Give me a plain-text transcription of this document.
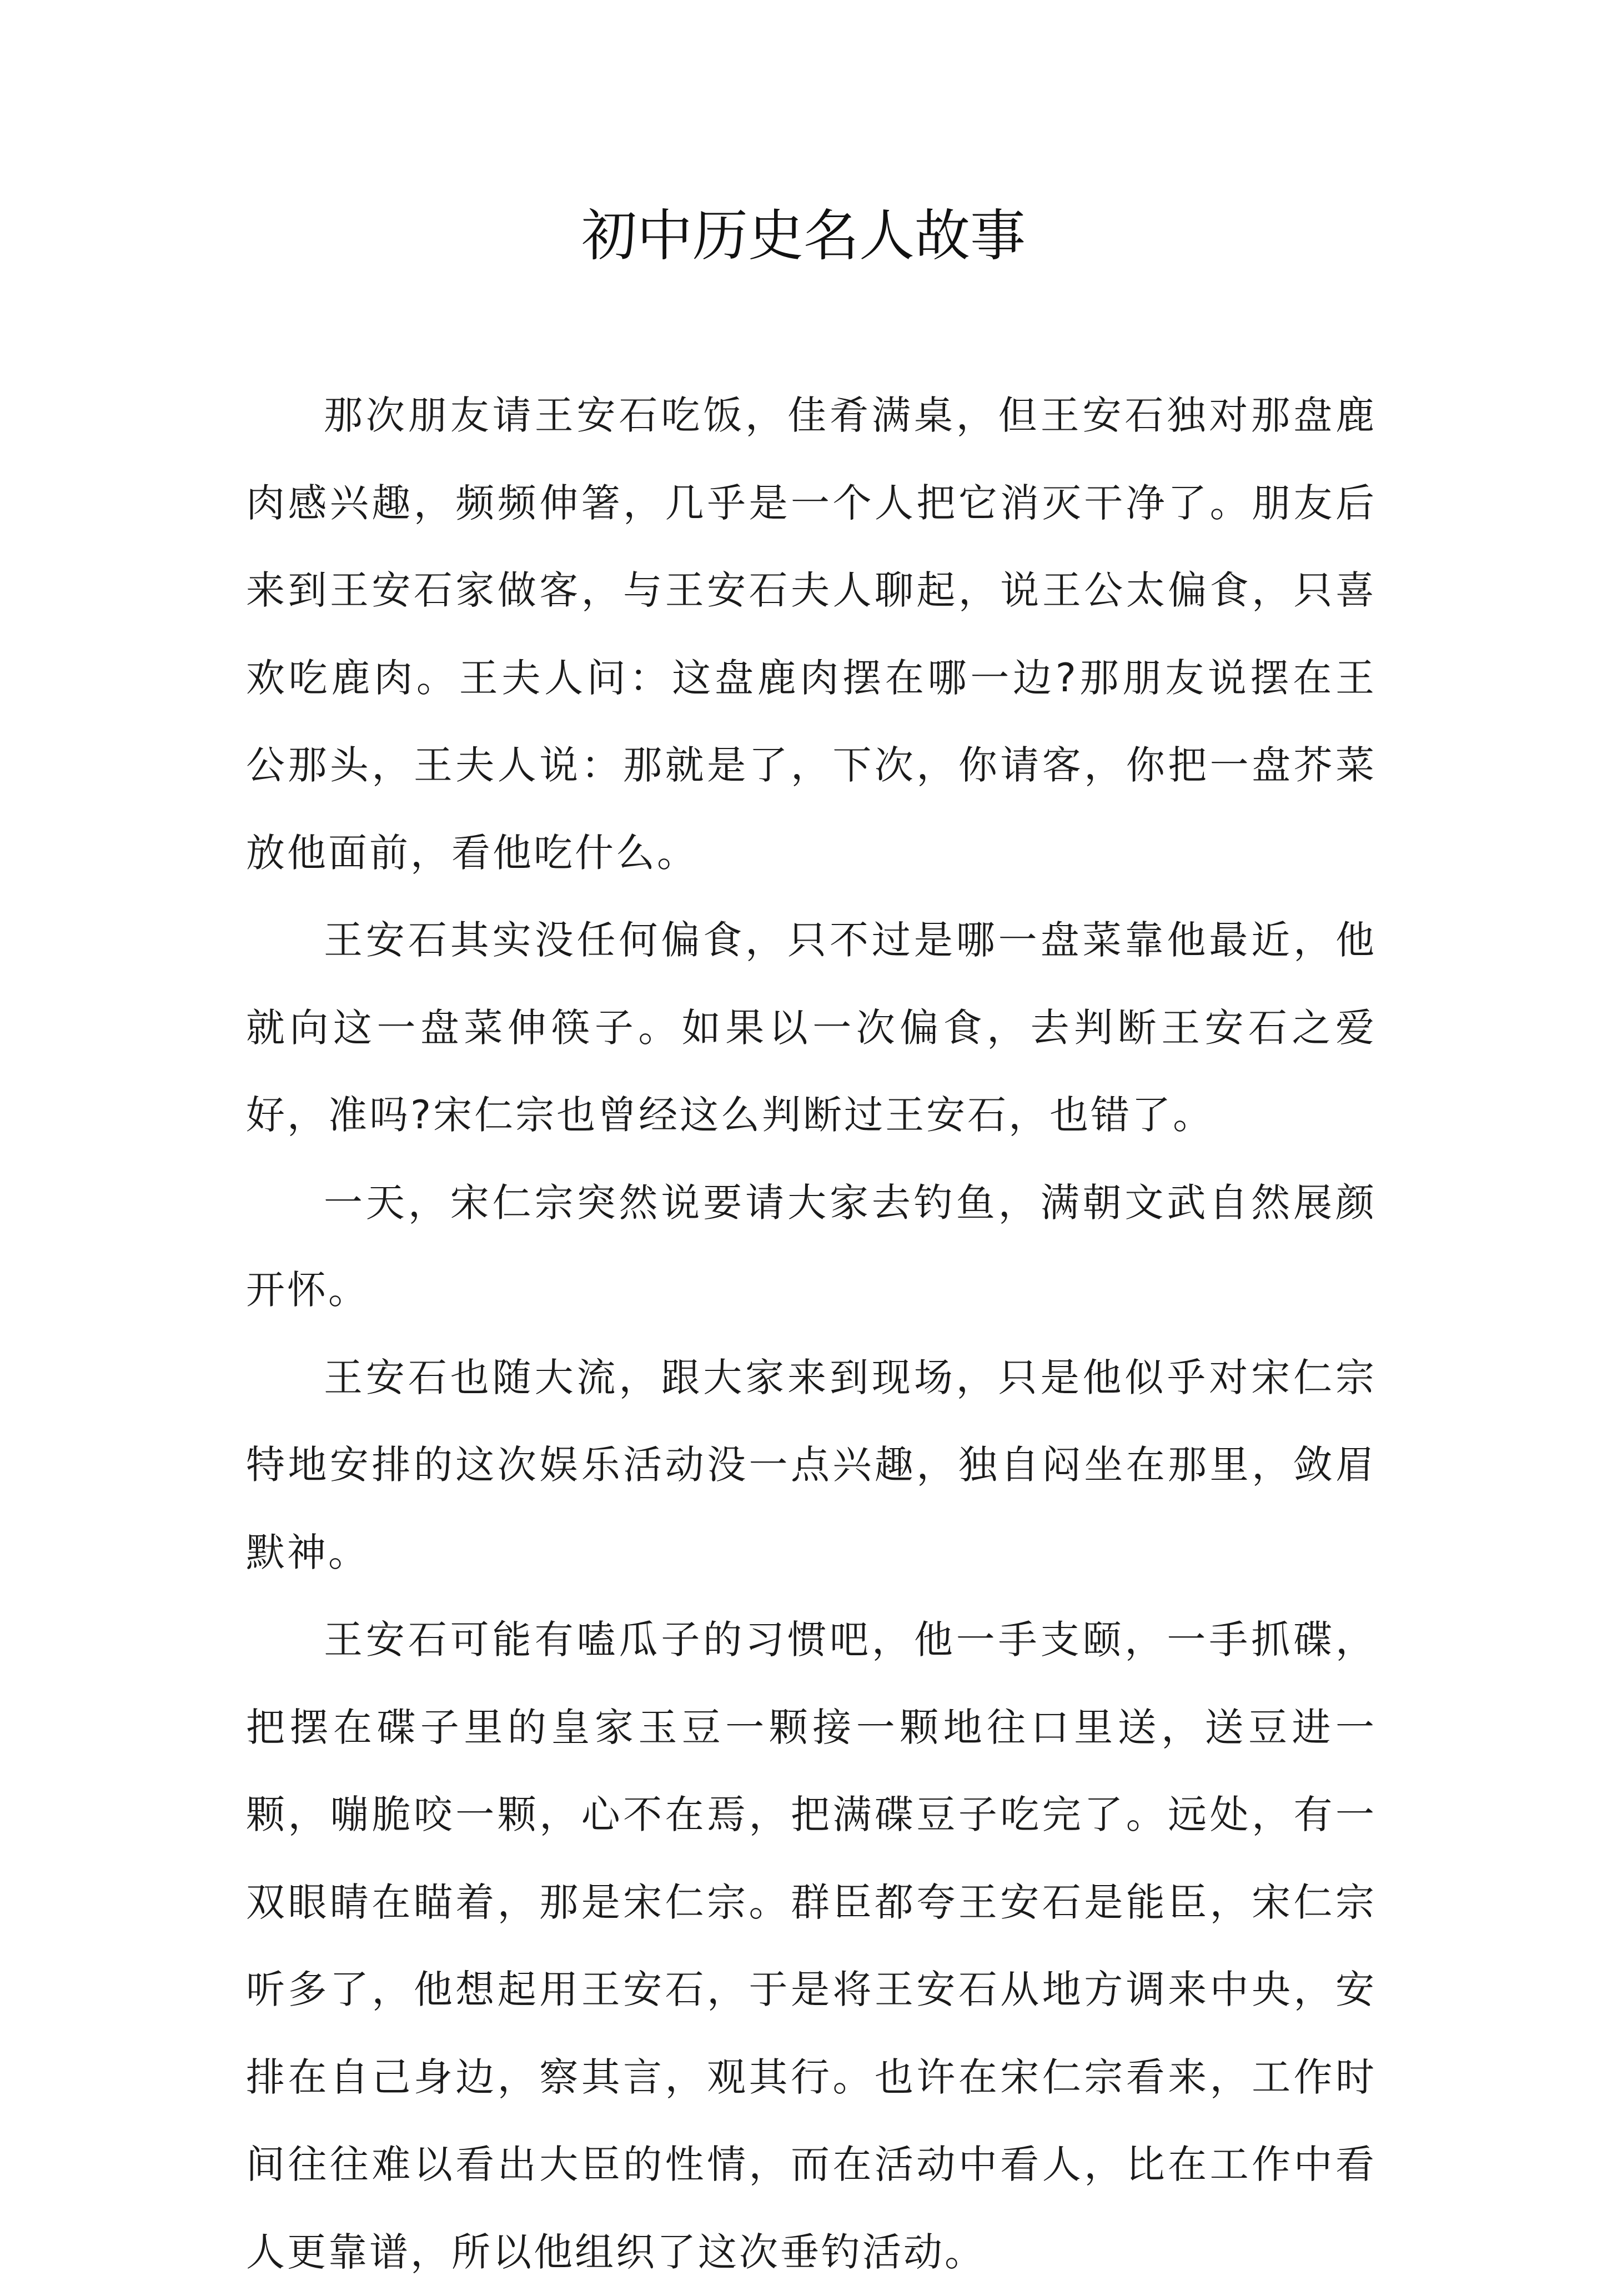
初中历史名人故事

那次朋友请王安石吃饭，佳肴满桌，但王安石独对那盘鹿肉感兴趣，频频伸箸，几乎是一个人把它消灭干净了。朋友后来到王安石家做客，与王安石夫人聊起，说王公太偏食，只喜欢吃鹿肉。王夫人问：这盘鹿肉摆在哪一边?那朋友说摆在王公那头，王夫人说：那就是了，下次，你请客，你把一盘芥菜放他面前，看他吃什么。

王安石其实没任何偏食，只不过是哪一盘菜靠他最近，他就向这一盘菜伸筷子。如果以一次偏食，去判断王安石之爱好，准吗?宋仁宗也曾经这么判断过王安石，也错了。

一天，宋仁宗突然说要请大家去钓鱼，满朝文武自然展颜开怀。

王安石也随大流，跟大家来到现场，只是他似乎对宋仁宗特地安排的这次娱乐活动没一点兴趣，独自闷坐在那里，敛眉默神。

王安石可能有嗑瓜子的习惯吧，他一手支颐，一手抓碟，把摆在碟子里的皇家玉豆一颗接一颗地往口里送，送豆进一颗，嘣脆咬一颗，心不在焉，把满碟豆子吃完了。远处，有一双眼睛在瞄着，那是宋仁宗。群臣都夸王安石是能臣，宋仁宗听多了，他想起用王安石，于是将王安石从地方调来中央，安排在自己身边，察其言，观其行。也许在宋仁宗看来，工作时间往往难以看出大臣的性情，而在活动中看人，比在工作中看人更靠谱，所以他组织了这次垂钓活动。
